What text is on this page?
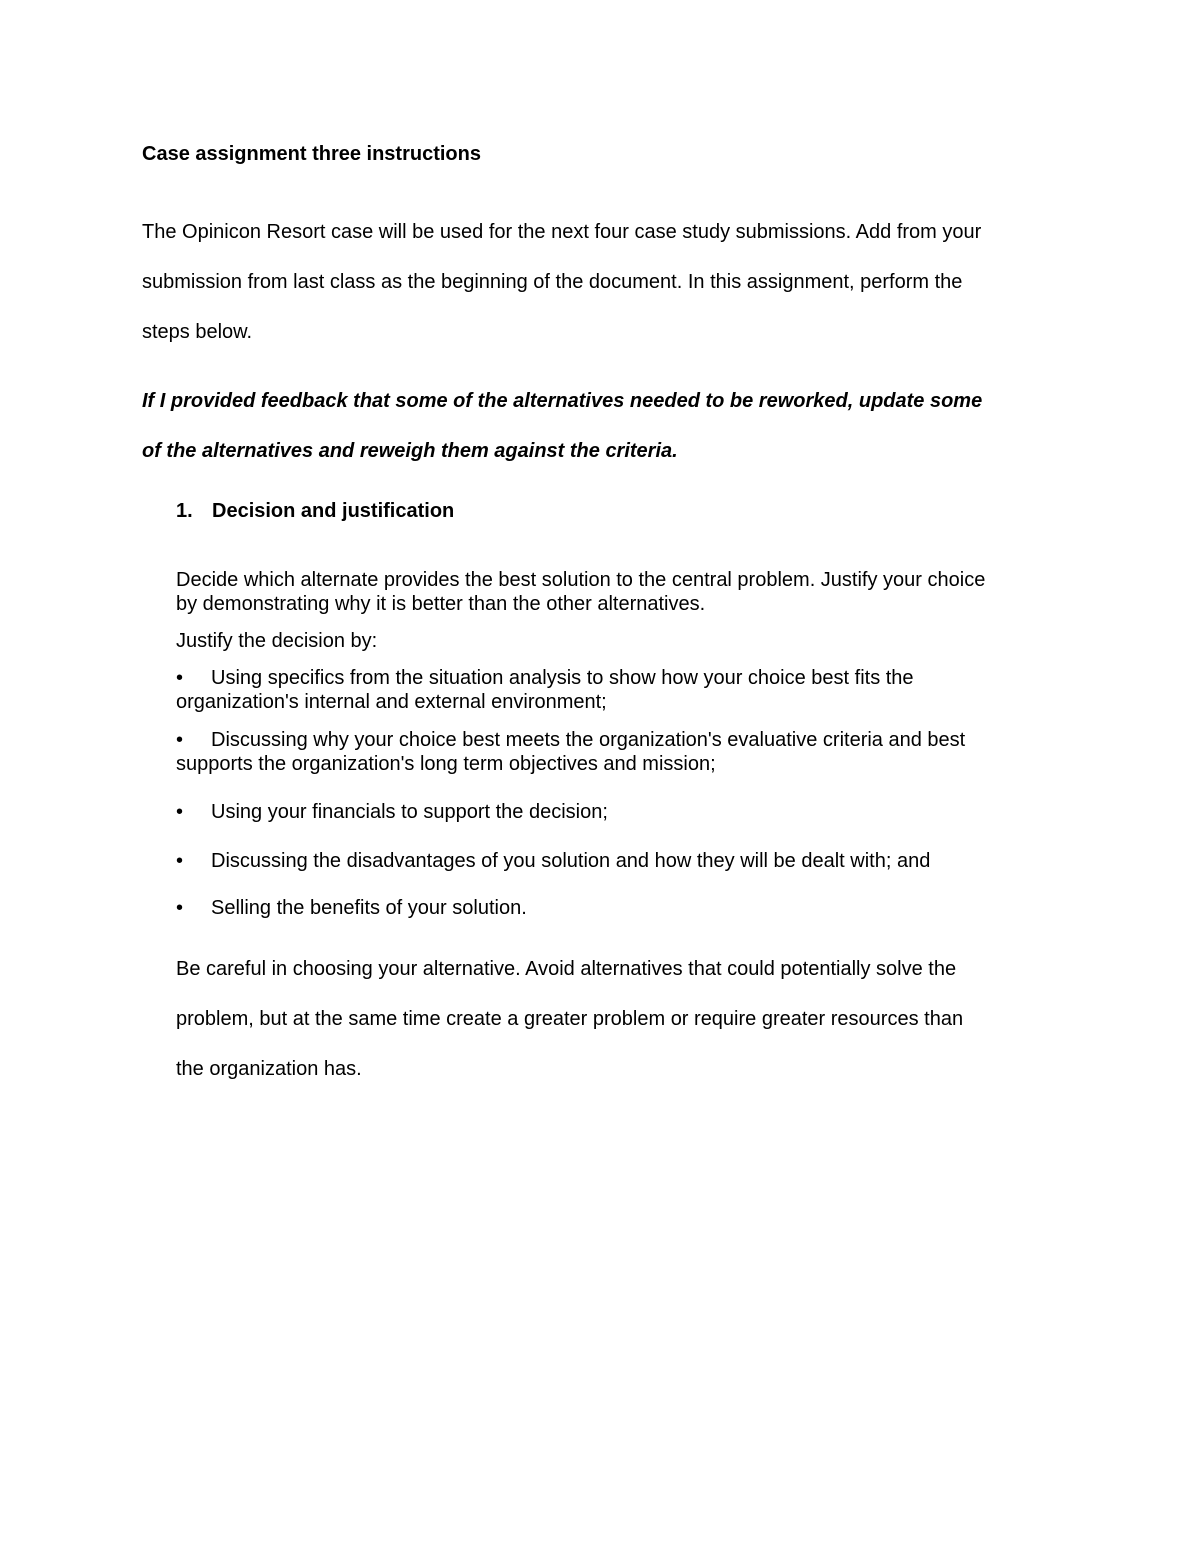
Case assignment three instructions

The Opinicon Resort case will be used for the next four case study submissions. Add from your
submission from last class as the beginning of the document. In this assignment, perform the
steps below.

If I provided feedback that some of the alternatives needed to be reworked, update some
of the alternatives and reweigh them against the criteria.

1. Decision and justification

Decide which alternate provides the best solution to the central problem. Justify your choice
by demonstrating why it is better than the other alternatives.

Justify the decision by:

• Using specifics from the situation analysis to show how your choice best fits the
organization's internal and external environment;
• Discussing why your choice best meets the organization's evaluative criteria and best
supports the organization's long term objectives and mission;
• Using your financials to support the decision;
• Discussing the disadvantages of you solution and how they will be dealt with; and
• Selling the benefits of your solution.

Be careful in choosing your alternative. Avoid alternatives that could potentially solve the
problem, but at the same time create a greater problem or require greater resources than
the organization has.
